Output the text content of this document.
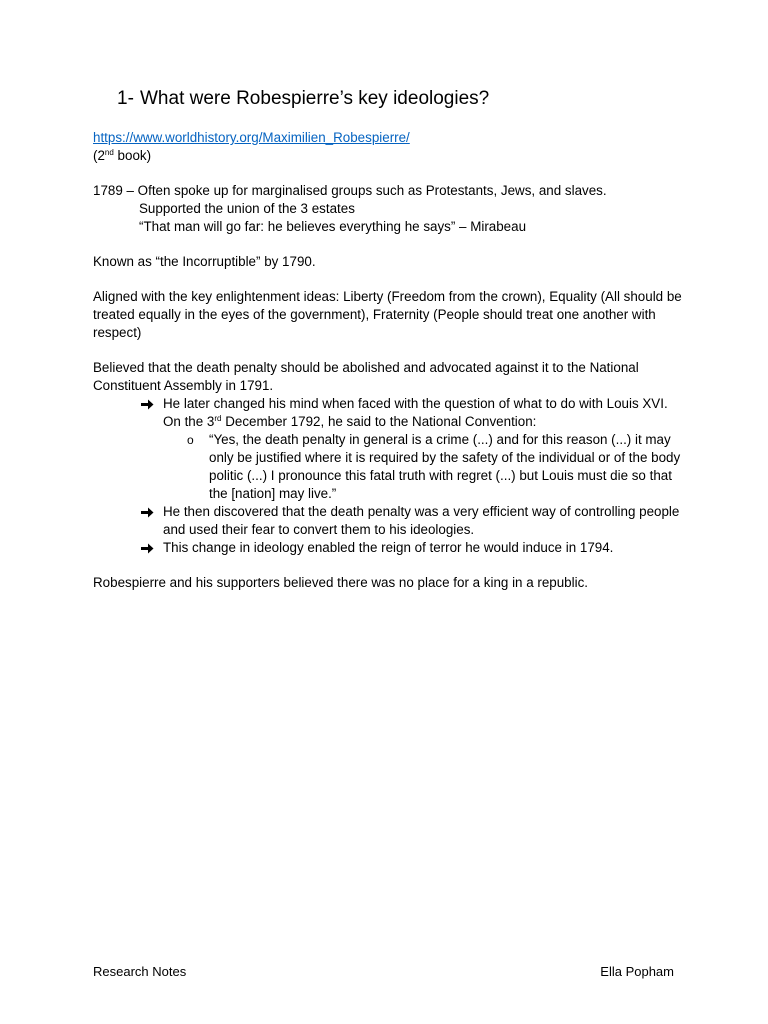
1- What were Robespierre’s key ideologies?

https://www.worldhistory.org/Maximilien_Robespierre/

(2nd book)

1789 – Often spoke up for marginalised groups such as Protestants, Jews, and slaves.

Supported the union of the 3 estates

“That man will go far: he believes everything he says” – Mirabeau

Known as “the Incorruptible” by 1790.

Aligned with the key enlightenment ideas: Liberty (Freedom from the crown), Equality (All should be treated equally in the eyes of the government), Fraternity (People should treat one another with respect)

Believed that the death penalty should be abolished and advocated against it to the National Constituent Assembly in 1791.

He later changed his mind when faced with the question of what to do with Louis XVI. On the 3rd December 1792, he said to the National Convention:
o “Yes, the death penalty in general is a crime (...) and for this reason (...) it may only be justified where it is required by the safety of the individual or of the body politic (...) I pronounce this fatal truth with regret (...) but Louis must die so that the [nation] may live.”
He then discovered that the death penalty was a very efficient way of controlling people and used their fear to convert them to his ideologies.
This change in ideology enabled the reign of terror he would induce in 1794.

Robespierre and his supporters believed there was no place for a king in a republic.

Research Notes	Ella Popham
